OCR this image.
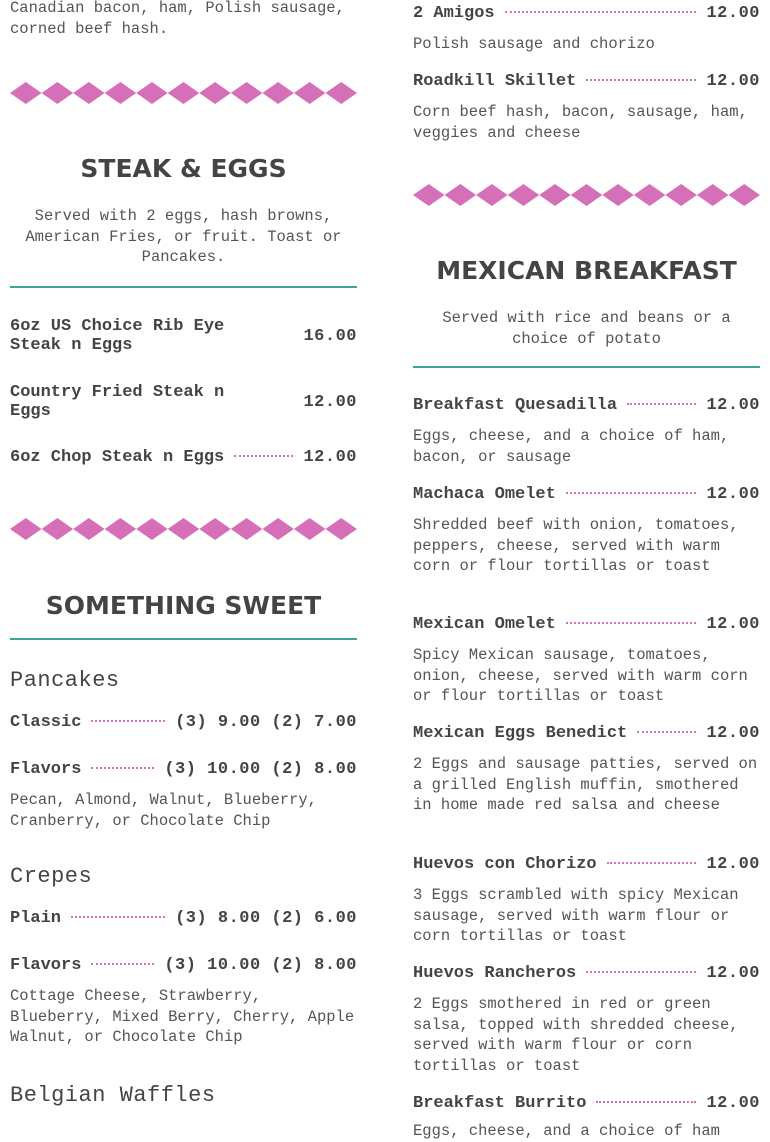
Canadian bacon, ham, Polish sausage, corned beef hash.

STEAK & EGGS

Served with 2 eggs, hash browns, American Fries, or fruit. Toast or Pancakes.

6oz US Choice Rib Eye Steak n Eggs	16.00
Country Fried Steak n Eggs	12.00
6oz Chop Steak n Eggs	12.00
SOMETHING SWEET

Pancakes

Classic	(3) 9.00 (2) 7.00
Flavors	(3) 10.00 (2) 8.00

Pecan, Almond, Walnut, Blueberry, Cranberry, or Chocolate Chip

Crepes

Plain	(3) 8.00 (2) 6.00
Flavors	(3) 10.00 (2) 8.00

Cottage Cheese, Strawberry, Blueberry, Mixed Berry, Cherry, Apple Walnut, or Chocolate Chip

Belgian Waffles

2 Amigos	12.00

Polish sausage and chorizo

Roadkill Skillet	12.00

Corn beef hash, bacon, sausage, ham, veggies and cheese

MEXICAN BREAKFAST

Served with rice and beans or a choice of potato

Breakfast Quesadilla	12.00

Eggs, cheese, and a choice of ham, bacon, or sausage

Machaca Omelet	12.00

Shredded beef with onion, tomatoes, peppers, cheese, served with warm corn or flour tortillas or toast

Mexican Omelet	12.00

Spicy Mexican sausage, tomatoes, onion, cheese, served with warm corn or flour tortillas or toast

Mexican Eggs Benedict	12.00

2 Eggs and sausage patties, served on a grilled English muffin, smothered in home made red salsa and cheese

Huevos con Chorizo	12.00

3 Eggs scrambled with spicy Mexican sausage, served with warm flour or corn tortillas or toast

Huevos Rancheros	12.00

2 Eggs smothered in red or green salsa, topped with shredded cheese, served with warm flour or corn tortillas or toast

Breakfast Burrito	12.00

Eggs, cheese, and a choice of ham
